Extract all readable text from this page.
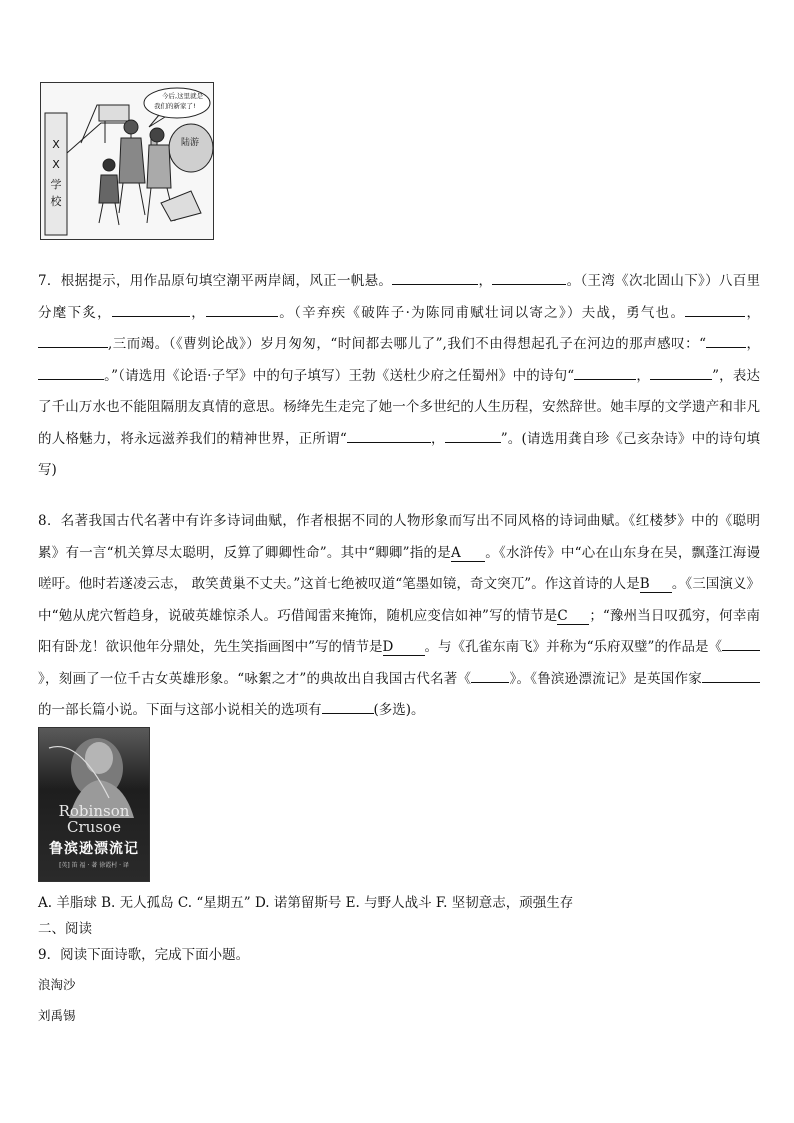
今后,这里就是
我们的新家了!
X
X
学
校
陆游
7．根据提示，用作品原句填空潮平两岸阔，风正一帆悬。	，	。（王湾《次北固山下》）八百里分麾下炙，	，	。（辛弃疾《破阵子·为陈同甫赋壮词以寄之》）夫战，勇气也。	，,三而竭。（《曹刿论战》）岁月匆匆，“时间都去哪儿了”,我们不由得想起孔子在河边的那声感叹：“	，。”（请选用《论语·子罕》中的句子填写）王勃《送杜少府之任蜀州》中的诗句“	，	”，表达了千山万水也不能阻隔朋友真情的意思。杨绛先生走完了她一个多世纪的人生历程，安然辞世。她丰厚的文学遗产和非凡的人格魅力，将永远滋养我们的精神世界，正所谓“	，	”。(请选用龚自珍《己亥杂诗》中的诗句填写)
8．名著我国古代名著中有许多诗词曲赋，作者根据不同的人物形象而写出不同风格的诗词曲赋。《红楼梦》中的《聪明累》有一言“机关算尽太聪明，反算了卿卿性命”。其中“卿卿”指的是A 。《水浒传》中“心在山东身在吴，飘蓬江海谩嗟吁。他时若遂凌云志， 敢笑黄巢不丈夫。”这首七绝被叹道“笔墨如镜，奇文突兀”。作这首诗的人是B 。《三国演义》中“勉从虎穴暂趋身，说破英雄惊杀人。巧借闻雷来掩饰，随机应变信如神”写的情节是C ；“豫州当日叹孤穷，何幸南阳有卧龙！欲识他年分鼎处，先生笑指画图中”写的情节是D 。与《孔雀东南飞》并称为“乐府双璧”的作品是《》，刻画了一位千古女英雄形象。“咏絮之才”的典故出自我国古代名著《	》。《鲁滨逊漂流记》是英国作家的一部长篇小说。下面与这部小说相关的选项有	(多选)。
Robinson Crusoe
鲁滨逊漂流记
[英] 笛 福 · 著 徐霞村 · 译
A. 羊脂球 B. 无人孤岛 C. “星期五” D. 诺第留斯号 E. 与野人战斗 F. 坚韧意志，顽强生存
二、阅读
9．阅读下面诗歌，完成下面小题。
浪淘沙
刘禹锡
